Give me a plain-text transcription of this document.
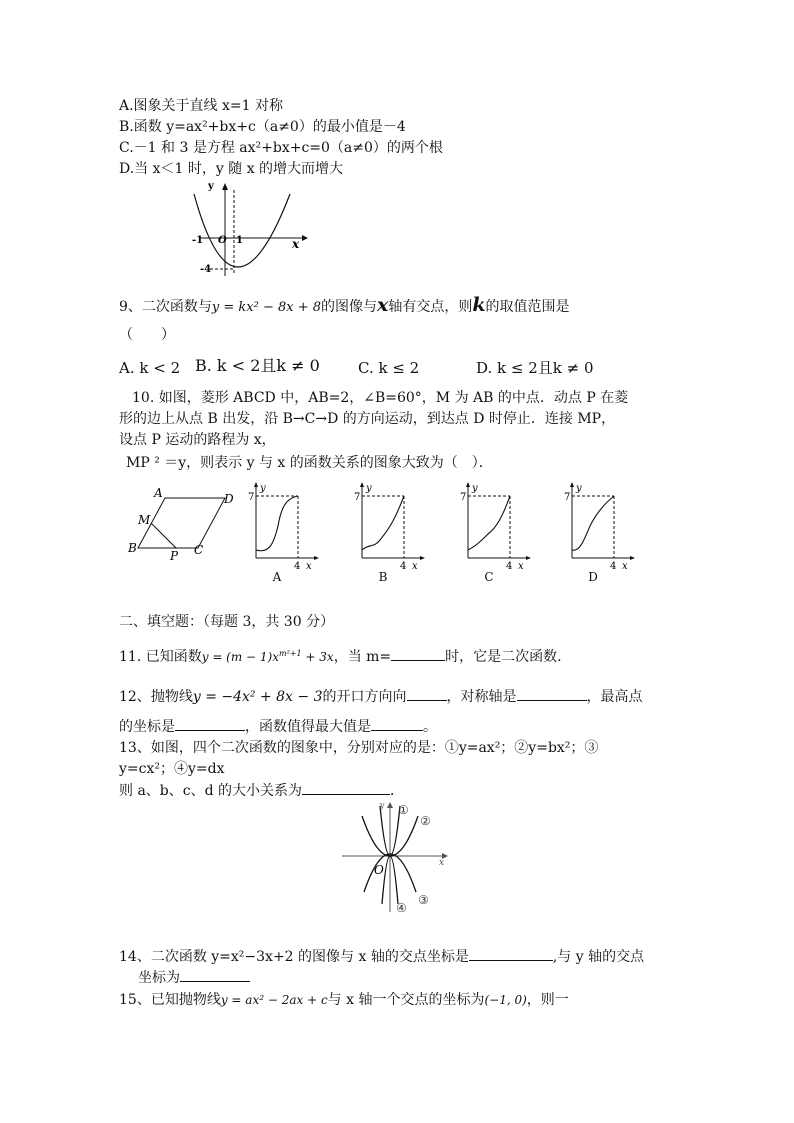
A.图象关于直线 x=1 对称
B.函数 y=ax²+bx+c（a≠0）的最小值是－4
C.－1 和 3 是方程 ax²+bx+c=0（a≠0）的两个根
D.当 x＜1 时，y 随 x 的增大而增大
y
x
-1 O 1
-4
9、二次函数与y = kx² − 8x + 8的图像与x轴有交点，则k的取值范围是
（　　）
A. k < 2 B. k < 2且k ≠ 0	C. k ≤ 2	D. k ≤ 2且k ≠ 0
10. 如图，菱形 ABCD 中，AB=2，∠B=60°，M 为 AB 的中点．动点 P 在菱
形的边上从点 B 出发，沿 B→C→D 的方向运动，到达点 D 时停止．连接 MP，
设点 P 运动的路程为 x，
MP ² ＝y，则表示 y 与 x 的函数关系的图象大致为（　）．
A	D
M
B
P C
y
7
4 x
A
y
7
4 x
B
y
7
4 x
C
y
7
4 x
D
二、填空题：（每题 3，共 30 分）
11. 已知函数$y = (m - 1)x^{m^2+1} + 3x$，当 m=	时，它是二次函数.
12、抛物线y = −4x² + 8x − 3的开口方向向	，对称轴是	，最高点
的坐标是	，函数值得最大值是	。
13、如图，四个二次函数的图象中，分别对应的是：①y=ax²；②y=bx²；③
y=cx²；④y=dx
则 a、b、c、d 的大小关系为	．
y
x
O
①
②
③
④
14、二次函数 y=x²−3x+2 的图像与 x 轴的交点坐标是	,与 y 轴的交点
坐标为
15、已知抛物线y = ax² − 2ax + c与 x 轴一个交点的坐标为(−1, 0)，则一
